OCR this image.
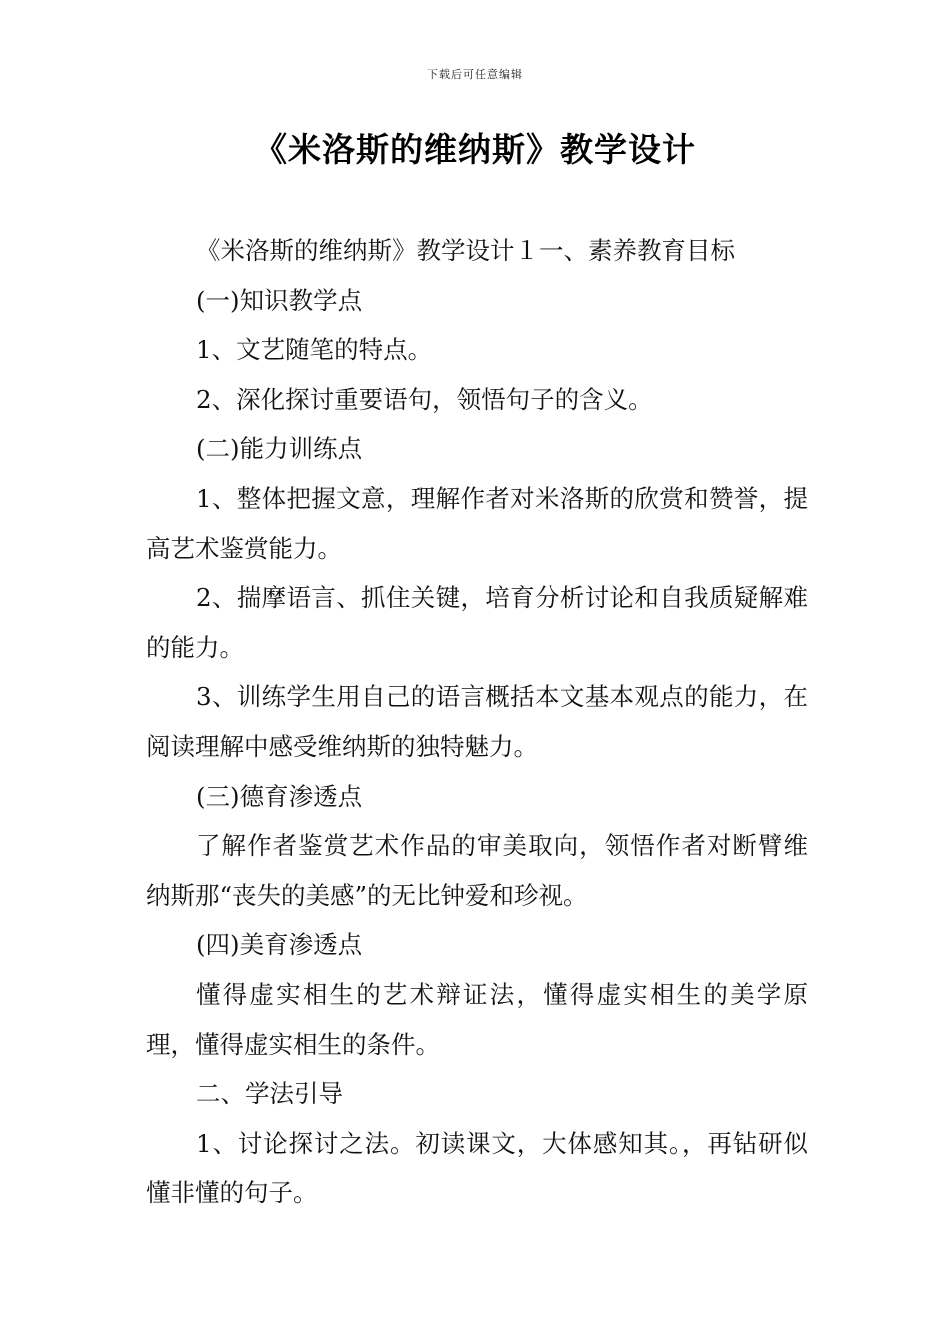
下载后可任意编辑
《米洛斯的维纳斯》教学设计

《米洛斯的维纳斯》教学设计１一、素养教育目标

(一)知识教学点

1、文艺随笔的特点。

2、深化探讨重要语句，领悟句子的含义。

(二)能力训练点

1、整体把握文意，理解作者对米洛斯的欣赏和赞誉，提高艺术鉴赏能力。

2、揣摩语言、抓住关键，培育分析讨论和自我质疑解难的能力。

3、训练学生用自己的语言概括本文基本观点的能力，在阅读理解中感受维纳斯的独特魅力。

(三)德育渗透点

了解作者鉴赏艺术作品的审美取向，领悟作者对断臂维纳斯那“丧失的美感”的无比钟爱和珍视。

(四)美育渗透点

懂得虚实相生的艺术辩证法，懂得虚实相生的美学原理，懂得虚实相生的条件。

二、学法引导

1、讨论探讨之法。初读课文，大体感知其。，再钻研似懂非懂的句子。
